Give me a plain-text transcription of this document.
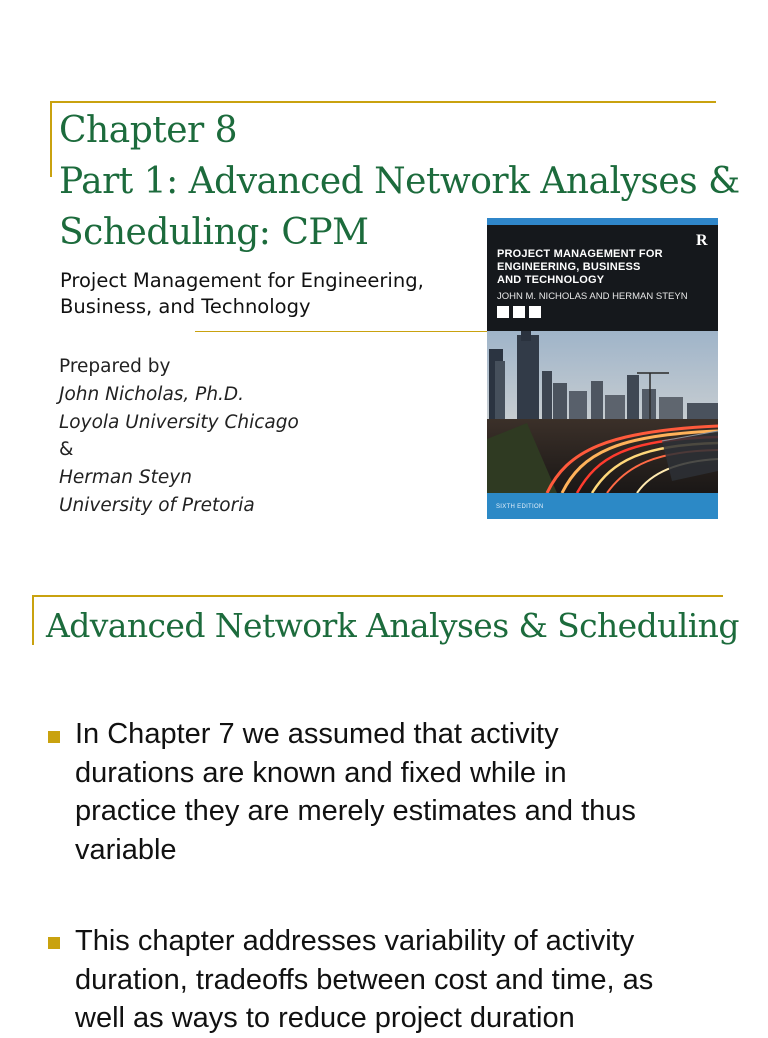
Chapter 8
Part 1: Advanced Network Analyses &
Scheduling: CPM
Project Management for Engineering,
Business, and Technology
Prepared by
John Nicholas, Ph.D.
Loyola University Chicago
&
Herman Steyn
University of Pretoria
R
PROJECT MANAGEMENT FOR
ENGINEERING, BUSINESS
AND TECHNOLOGY
JOHN M. NICHOLAS AND HERMAN STEYN
SIXTH EDITION
Advanced Network Analyses & Scheduling
In Chapter 7 we assumed that activity
durations are known and fixed while in
practice they are merely estimates and thus
variable
This chapter addresses variability of activity
duration, tradeoffs between cost and time, as
well as ways to reduce project duration
